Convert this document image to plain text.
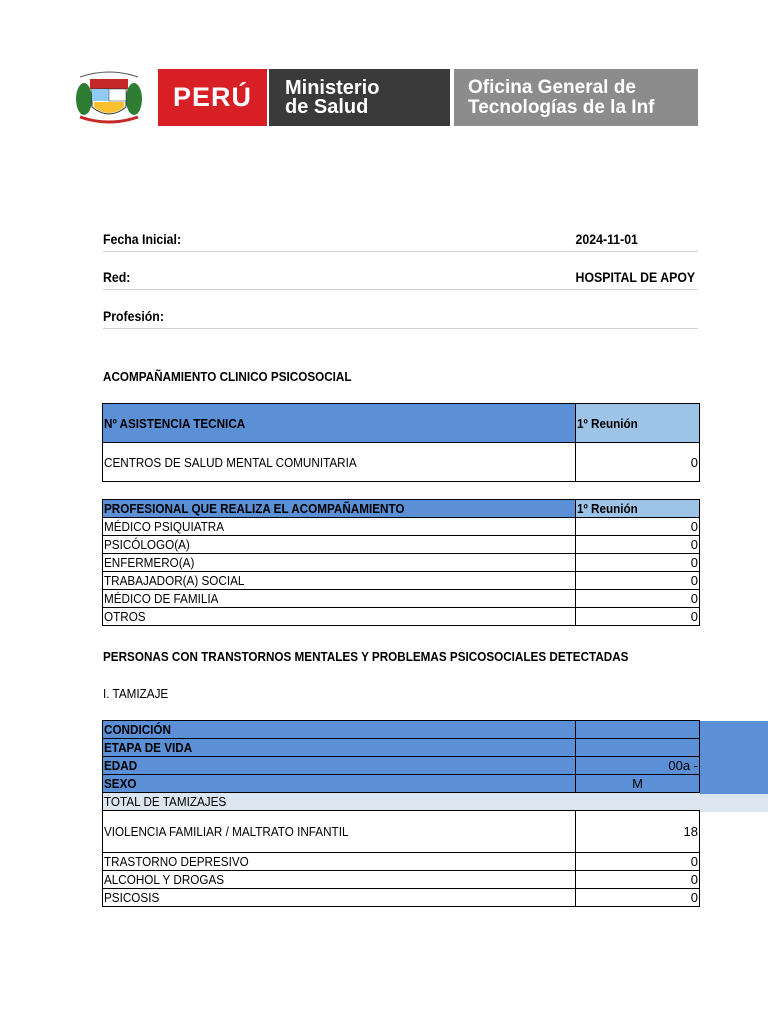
PERÚ	Ministerio
de Salud
Oficina General de
Tecnologías de la Inf
Fecha Inicial:	2024-11-01
Red:	HOSPITAL DE APOY
Profesión:
ACOMPAÑAMIENTO CLINICO PSICOSOCIAL
Nº ASISTENCIA TECNICA	1º Reunión
CENTROS DE SALUD MENTAL COMUNITARIA	0
PROFESIONAL QUE REALIZA EL ACOMPAÑAMIENTO	1º Reunión
MÉDICO PSIQUIATRA	0
PSICÓLOGO(A)	0
ENFERMERO(A)	0
TRABAJADOR(A) SOCIAL	0
MÉDICO DE FAMILIA	0
OTROS	0
PERSONAS CON TRANSTORNOS MENTALES Y PROBLEMAS PSICOSOCIALES DETECTADAS
I. TAMIZAJE
CONDICIÓN	
ETAPA DE VIDA	
EDAD	00a -
SEXO	M
TOTAL DE TAMIZAJES	
VIOLENCIA FAMILIAR / MALTRATO INFANTIL	18
TRASTORNO DEPRESIVO	0
ALCOHOL Y DROGAS	0
PSICOSIS	0
